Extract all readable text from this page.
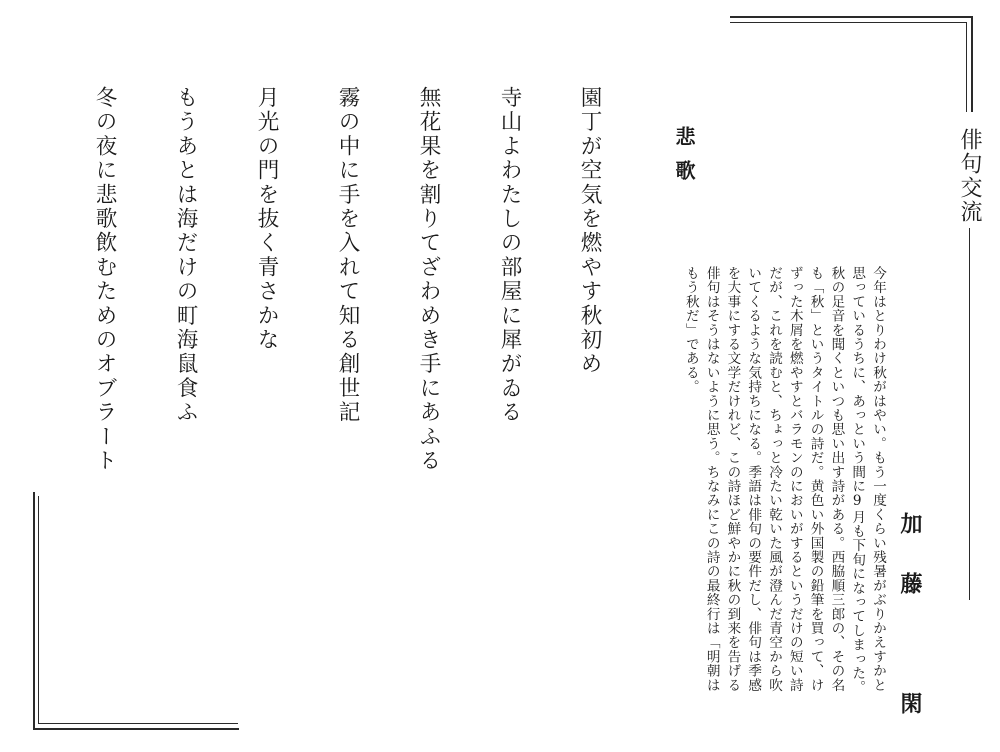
俳句交流
加藤　閑

今年はとりわけ秋がはやい。もう一度くらい残暑がぶりかえすかと思っているうちに、あっという間に9月も下旬になってしまった。秋の足音を聞くといつも思い出す詩がある。西脇順三郎の、その名も「秋」というタイトルの詩だ。黄色い外国製の鉛筆を買って、けずった木屑を燃やすとバラモンのにおいがするというだけの短い詩だが、これを読むと、ちょっと冷たい乾いた風が澄んだ青空から吹いてくるような気持ちになる。季語は俳句の要件だし、俳句は季感を大事にする文学だけれど、この詩ほど鮮やかに秋の到来を告げる俳句はそうはないように思う。ちなみにこの詩の最終行は「明朝はもう秋だ」である。

悲歌
園丁が空気を燃やす秋初め
寺山よわたしの部屋に犀がゐる
無花果を割りてざわめき手にあふる
霧の中に手を入れて知る創世記
月光の門を抜く青さかな
もうあとは海だけの町海鼠食ふ
冬の夜に悲歌飲むためのオブラート
